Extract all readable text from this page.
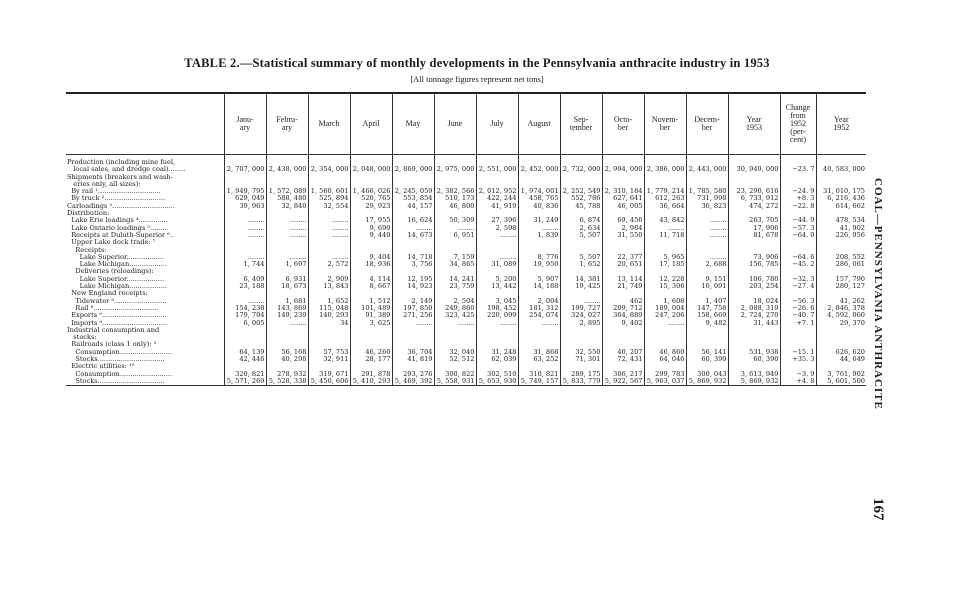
TABLE 2.—Statistical summary of monthly developments in the Pennsylvania anthracite industry in 1953
[All tonnage figures represent net tons]
	Janu-
ary	Febru-
ary	March	April	May	June	July	August	Sep-
tember	Octo-
ber	Novem-
ber	Decem-
ber	Year
1953	Change
from
1952
(per-
cent)	Year
1952
Production (including mine fuel,															
local sales, and dredge coal)........	2, 707, 000	2, 438, 000	2, 354, 000	2, 048, 000	2, 869, 000	2, 975, 000	2, 551, 000	2, 452, 000	2, 732, 000	2, 994, 000	2, 386, 000	2, 443, 000	30, 949, 000	−23. 7	40, 583, 000
Shipments (breakers and wash-															
eries only, all sizes):															
By rail ¹..............................	1, 949, 795	1, 572, 089	1, 560, 601	1, 466, 026	2, 245, 059	2, 382, 566	2, 012, 952	1, 974, 001	2, 252, 549	2, 310, 184	1, 779, 214	1, 785, 580	23, 290, 616	−24. 9	31, 010, 175
By truck ².............................	629, 049	588, 480	525, 894	520, 765	553, 854	510, 173	422, 244	458, 765	552, 786	627, 641	612, 263	731, 998	6, 733, 912	+8. 3	6, 216, 436
Carloadings ³..............................	39, 963	32, 840	32, 554	29, 923	44, 157	46, 800	41, 919	40, 836	45, 788	46, 005	36, 664	36, 823	474, 272	−22. 8	614, 662
Distribution:															
Lake Erie loadings ⁴..............	........	........	........	17, 955	16, 624	50, 309	27, 396	31, 249	6, 874	69, 456	43, 842	........	263, 705	−44. 9	478, 534
Lake Ontario loadings ⁵.........	........	........	........	9, 690	........	........	2, 598	........	2, 634	2, 984	........	........	17, 906	−57. 3	41, 902
Receipts at Duluth-Superior ⁶..	........	........	........	9, 440	14, 673	6, 951	........	1, 839	5, 507	31, 550	11, 718	........	81, 678	−64. 0	226, 956
Upper Lake dock trade: ⁷															
Receipts:															
Lake Superior..................	........	........	........	9, 404	14, 718	7, 159	........	8, 776	5, 507	22, 377	5, 965	........	73, 906	−64. 6	208, 552
Lake Michigan..................	1, 744	1, 697	2, 572	18, 936	3, 756	34, 865	31, 089	19, 950	1, 652	20, 651	17, 185	2, 688	156, 785	−45. 2	286, 061
Deliveries (reloadings):															
Lake Superior..................	6, 409	6, 931	2, 909	4, 114	12, 195	14, 241	5, 200	5, 907	14, 381	13, 114	12, 228	9, 151	106, 780	−32. 3	157, 790
Lake Michigan..................	23, 188	18, 673	13, 843	8, 667	14, 923	23, 759	13, 442	14, 188	19, 425	21, 749	15, 306	16, 091	203, 254	−27. 4	280, 127
New England receipts:															
Tidewater ⁸.........................	........	1, 681	1, 652	1, 512	2, 149	2, 504	3, 045	2, 004	........	462	1, 608	1, 407	18, 024	−56. 3	41, 262
Rail ⁸...............................	154, 238	143, 869	115, 048	101, 489	197, 850	249, 860	198, 452	181, 312	199, 727	209, 712	189, 004	147, 758	2, 088, 319	−26. 6	2, 846, 378
Exports ⁹...............................	179, 704	149, 239	140, 293	91, 389	271, 256	323, 425	220, 099	254, 074	324, 027	364, 889	247, 206	158, 669	2, 724, 270	−40. 7	4, 592, 060
Imports ⁹...............................	6, 005	........	34	3, 625	........	........	........	........	2, 895	9, 402	........	9, 482	31, 443	+7. 1	29, 370
Industrial consumption and															
stocks:															
Railroads (class 1 only): ³															
Consumption.........................	64, 139	56, 168	57, 753	46, 260	36, 704	32, 040	31, 248	31, 868	32, 550	40, 207	46, 860	56, 141	531, 938	−15. 1	626, 620
Stocks................................	42, 446	40, 298	32, 911	28, 177	41, 819	52, 512	62, 039	63, 252	71, 301	72, 431	64, 046	60, 390	60, 390	+35. 3	44, 649
Electric utilities: ¹⁰															
Consumption.........................	320, 821	278, 932	319, 671	291, 878	293, 276	300, 822	302, 510	310, 821	289, 175	306, 217	299, 783	300, 043	3, 613, 949	−3. 9	3, 761, 902
Stocks................................	5, 571, 269	5, 528, 338	5, 450, 606	5, 410, 293	5, 469, 392	5, 558, 931	5, 653, 930	5, 749, 157	5, 833, 779	5, 922, 567	5, 963, 037	5, 869, 932	5, 869, 932	+4. 8	5, 601, 500 COAL—PENNSYLVANIA ANTHRACITE
167
